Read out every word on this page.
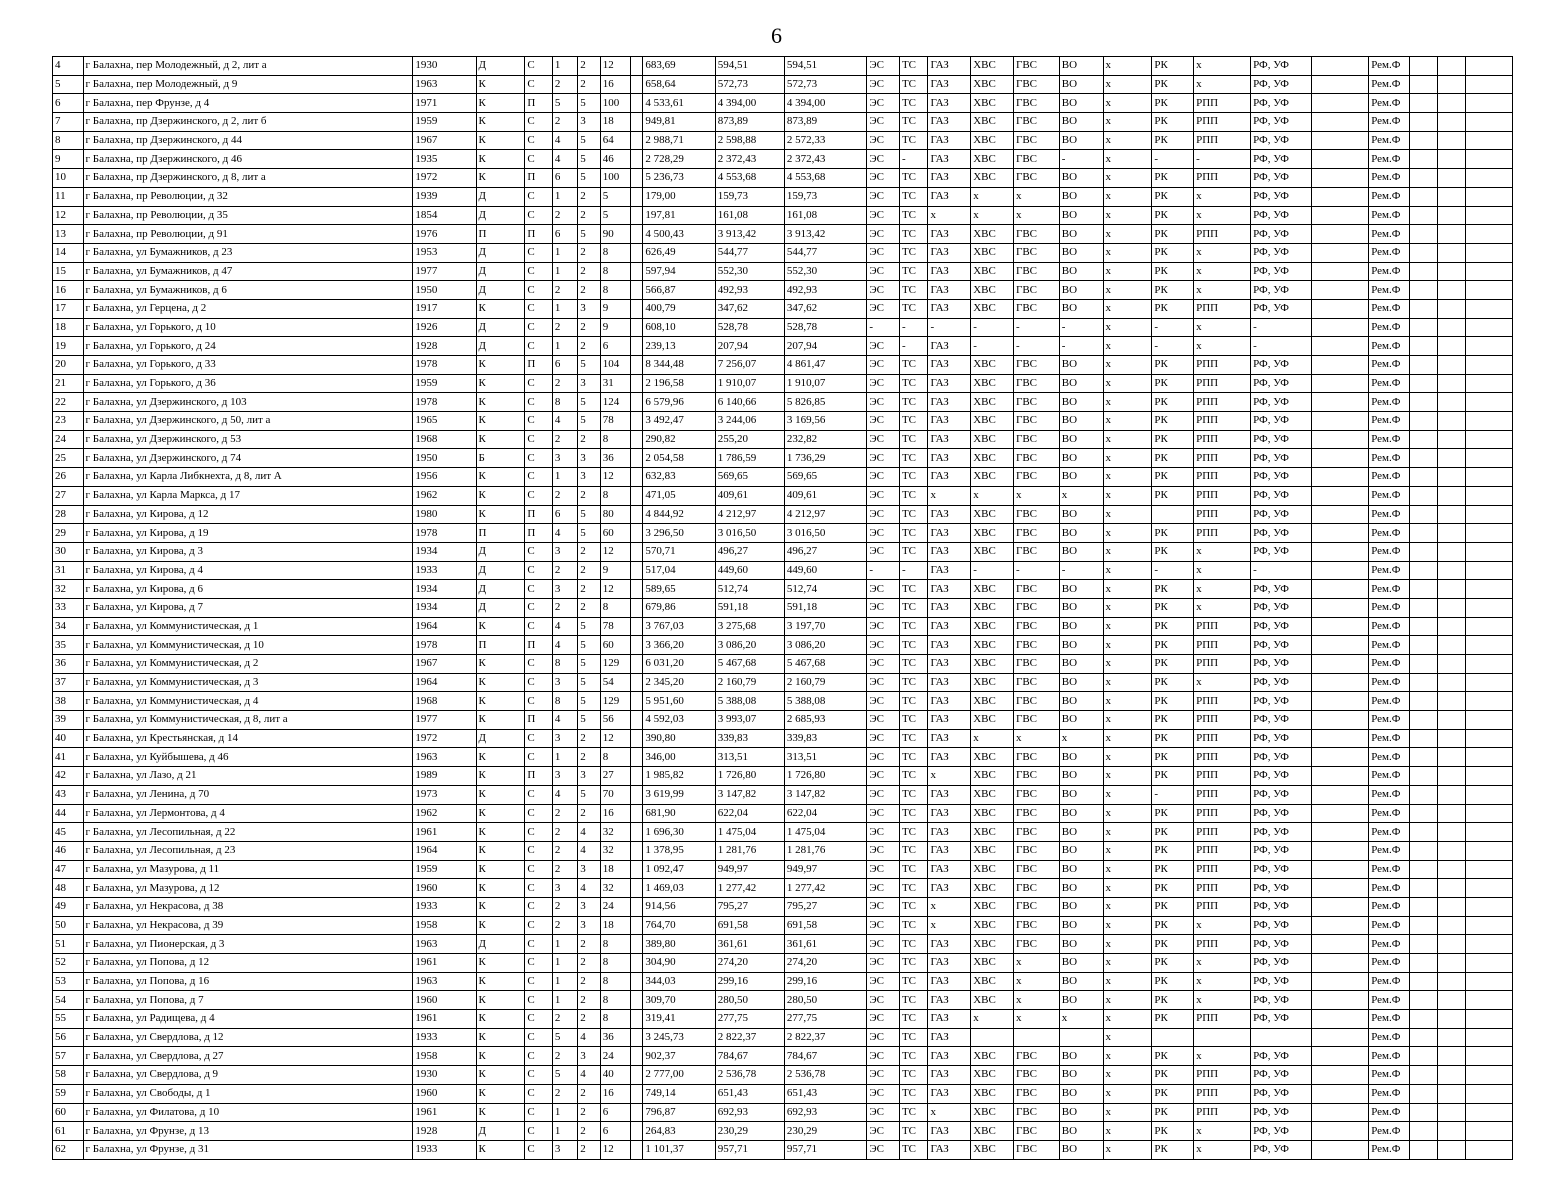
6
4	г Балахна, пер Молодежный, д 2, лит а	1930	Д	С	1	2	12		683,69	594,51	594,51	ЭС	ТС	ГАЗ	ХВС	ГВС	ВО	х	РК	х	РФ, УФ		Рем.Ф			
5	г Балахна, пер Молодежный, д 9	1963	К	С	2	2	16		658,64	572,73	572,73	ЭС	ТС	ГАЗ	ХВС	ГВС	ВО	х	РК	х	РФ, УФ		Рем.Ф			
6	г Балахна, пер Фрунзе, д 4	1971	К	П	5	5	100		4 533,61	4 394,00	4 394,00	ЭС	ТС	ГАЗ	ХВС	ГВС	ВО	х	РК	РПП	РФ, УФ		Рем.Ф			
7	г Балахна, пр Дзержинского, д 2, лит б	1959	К	С	2	3	18		949,81	873,89	873,89	ЭС	ТС	ГАЗ	ХВС	ГВС	ВО	х	РК	РПП	РФ, УФ		Рем.Ф			
8	г Балахна, пр Дзержинского, д 44	1967	К	С	4	5	64		2 988,71	2 598,88	2 572,33	ЭС	ТС	ГАЗ	ХВС	ГВС	ВО	х	РК	РПП	РФ, УФ		Рем.Ф			
9	г Балахна, пр Дзержинского, д 46	1935	К	С	4	5	46		2 728,29	2 372,43	2 372,43	ЭС	-	ГАЗ	ХВС	ГВС	-	х	-	-	РФ, УФ		Рем.Ф			
10	г Балахна, пр Дзержинского, д 8, лит а	1972	К	П	6	5	100		5 236,73	4 553,68	4 553,68	ЭС	ТС	ГАЗ	ХВС	ГВС	ВО	х	РК	РПП	РФ, УФ		Рем.Ф			
11	г Балахна, пр Революции, д 32	1939	Д	С	1	2	5		179,00	159,73	159,73	ЭС	ТС	ГАЗ	х	х	ВО	х	РК	х	РФ, УФ		Рем.Ф			
12	г Балахна, пр Революции, д 35	1854	Д	С	2	2	5		197,81	161,08	161,08	ЭС	ТС	х	х	х	ВО	х	РК	х	РФ, УФ		Рем.Ф			
13	г Балахна, пр Революции, д 91	1976	П	П	6	5	90		4 500,43	3 913,42	3 913,42	ЭС	ТС	ГАЗ	ХВС	ГВС	ВО	х	РК	РПП	РФ, УФ		Рем.Ф			
14	г Балахна, ул Бумажников, д 23	1953	Д	С	1	2	8		626,49	544,77	544,77	ЭС	ТС	ГАЗ	ХВС	ГВС	ВО	х	РК	х	РФ, УФ		Рем.Ф			
15	г Балахна, ул Бумажников, д 47	1977	Д	С	1	2	8		597,94	552,30	552,30	ЭС	ТС	ГАЗ	ХВС	ГВС	ВО	х	РК	х	РФ, УФ		Рем.Ф			
16	г Балахна, ул Бумажников, д 6	1950	Д	С	2	2	8		566,87	492,93	492,93	ЭС	ТС	ГАЗ	ХВС	ГВС	ВО	х	РК	х	РФ, УФ		Рем.Ф			
17	г Балахна, ул Герцена, д 2	1917	К	С	1	3	9		400,79	347,62	347,62	ЭС	ТС	ГАЗ	ХВС	ГВС	ВО	х	РК	РПП	РФ, УФ		Рем.Ф			
18	г Балахна, ул Горького, д 10	1926	Д	С	2	2	9		608,10	528,78	528,78	-	-	-	-	-	-	х	-	х	-		Рем.Ф			
19	г Балахна, ул Горького, д 24	1928	Д	С	1	2	6		239,13	207,94	207,94	ЭС	-	ГАЗ	-	-	-	х	-	х	-		Рем.Ф			
20	г Балахна, ул Горького, д 33	1978	К	П	6	5	104		8 344,48	7 256,07	4 861,47	ЭС	ТС	ГАЗ	ХВС	ГВС	ВО	х	РК	РПП	РФ, УФ		Рем.Ф			
21	г Балахна, ул Горького, д 36	1959	К	С	2	3	31		2 196,58	1 910,07	1 910,07	ЭС	ТС	ГАЗ	ХВС	ГВС	ВО	х	РК	РПП	РФ, УФ		Рем.Ф			
22	г Балахна, ул Дзержинского, д 103	1978	К	С	8	5	124		6 579,96	6 140,66	5 826,85	ЭС	ТС	ГАЗ	ХВС	ГВС	ВО	х	РК	РПП	РФ, УФ		Рем.Ф			
23	г Балахна, ул Дзержинского, д 50, лит а	1965	К	С	4	5	78		3 492,47	3 244,06	3 169,56	ЭС	ТС	ГАЗ	ХВС	ГВС	ВО	х	РК	РПП	РФ, УФ		Рем.Ф			
24	г Балахна, ул Дзержинского, д 53	1968	К	С	2	2	8		290,82	255,20	232,82	ЭС	ТС	ГАЗ	ХВС	ГВС	ВО	х	РК	РПП	РФ, УФ		Рем.Ф			
25	г Балахна, ул Дзержинского, д 74	1950	Б	С	3	3	36		2 054,58	1 786,59	1 736,29	ЭС	ТС	ГАЗ	ХВС	ГВС	ВО	х	РК	РПП	РФ, УФ		Рем.Ф			
26	г Балахна, ул Карла Либкнехта, д 8, лит А	1956	К	С	1	3	12		632,83	569,65	569,65	ЭС	ТС	ГАЗ	ХВС	ГВС	ВО	х	РК	РПП	РФ, УФ		Рем.Ф			
27	г Балахна, ул Карла Маркса, д 17	1962	К	С	2	2	8		471,05	409,61	409,61	ЭС	ТС	х	х	х	х	х	РК	РПП	РФ, УФ		Рем.Ф			
28	г Балахна, ул Кирова, д 12	1980	К	П	6	5	80		4 844,92	4 212,97	4 212,97	ЭС	ТС	ГАЗ	ХВС	ГВС	ВО	х		РПП	РФ, УФ		Рем.Ф			
29	г Балахна, ул Кирова, д 19	1978	П	П	4	5	60		3 296,50	3 016,50	3 016,50	ЭС	ТС	ГАЗ	ХВС	ГВС	ВО	х	РК	РПП	РФ, УФ		Рем.Ф			
30	г Балахна, ул Кирова, д 3	1934	Д	С	3	2	12		570,71	496,27	496,27	ЭС	ТС	ГАЗ	ХВС	ГВС	ВО	х	РК	х	РФ, УФ		Рем.Ф			
31	г Балахна, ул Кирова, д 4	1933	Д	С	2	2	9		517,04	449,60	449,60	-	-	ГАЗ	-	-	-	х	-	х	-		Рем.Ф			
32	г Балахна, ул Кирова, д 6	1934	Д	С	3	2	12		589,65	512,74	512,74	ЭС	ТС	ГАЗ	ХВС	ГВС	ВО	х	РК	х	РФ, УФ		Рем.Ф			
33	г Балахна, ул Кирова, д 7	1934	Д	С	2	2	8		679,86	591,18	591,18	ЭС	ТС	ГАЗ	ХВС	ГВС	ВО	х	РК	х	РФ, УФ		Рем.Ф			
34	г Балахна, ул Коммунистическая, д 1	1964	К	С	4	5	78		3 767,03	3 275,68	3 197,70	ЭС	ТС	ГАЗ	ХВС	ГВС	ВО	х	РК	РПП	РФ, УФ		Рем.Ф			
35	г Балахна, ул Коммунистическая, д 10	1978	П	П	4	5	60		3 366,20	3 086,20	3 086,20	ЭС	ТС	ГАЗ	ХВС	ГВС	ВО	х	РК	РПП	РФ, УФ		Рем.Ф			
36	г Балахна, ул Коммунистическая, д 2	1967	К	С	8	5	129		6 031,20	5 467,68	5 467,68	ЭС	ТС	ГАЗ	ХВС	ГВС	ВО	х	РК	РПП	РФ, УФ		Рем.Ф			
37	г Балахна, ул Коммунистическая, д 3	1964	К	С	3	5	54		2 345,20	2 160,79	2 160,79	ЭС	ТС	ГАЗ	ХВС	ГВС	ВО	х	РК	х	РФ, УФ		Рем.Ф			
38	г Балахна, ул Коммунистическая, д 4	1968	К	С	8	5	129		5 951,60	5 388,08	5 388,08	ЭС	ТС	ГАЗ	ХВС	ГВС	ВО	х	РК	РПП	РФ, УФ		Рем.Ф			
39	г Балахна, ул Коммунистическая, д 8, лит а	1977	К	П	4	5	56		4 592,03	3 993,07	2 685,93	ЭС	ТС	ГАЗ	ХВС	ГВС	ВО	х	РК	РПП	РФ, УФ		Рем.Ф			
40	г Балахна, ул Крестьянская, д 14	1972	Д	С	3	2	12		390,80	339,83	339,83	ЭС	ТС	ГАЗ	х	х	х	х	РК	РПП	РФ, УФ		Рем.Ф			
41	г Балахна, ул Куйбышева, д 46	1963	К	С	1	2	8		346,00	313,51	313,51	ЭС	ТС	ГАЗ	ХВС	ГВС	ВО	х	РК	РПП	РФ, УФ		Рем.Ф			
42	г Балахна, ул Лазо, д 21	1989	К	П	3	3	27		1 985,82	1 726,80	1 726,80	ЭС	ТС	х	ХВС	ГВС	ВО	х	РК	РПП	РФ, УФ		Рем.Ф			
43	г Балахна, ул Ленина, д 70	1973	К	С	4	5	70		3 619,99	3 147,82	3 147,82	ЭС	ТС	ГАЗ	ХВС	ГВС	ВО	х	-	РПП	РФ, УФ		Рем.Ф			
44	г Балахна, ул Лермонтова, д 4	1962	К	С	2	2	16		681,90	622,04	622,04	ЭС	ТС	ГАЗ	ХВС	ГВС	ВО	х	РК	РПП	РФ, УФ		Рем.Ф			
45	г Балахна, ул Лесопильная, д 22	1961	К	С	2	4	32		1 696,30	1 475,04	1 475,04	ЭС	ТС	ГАЗ	ХВС	ГВС	ВО	х	РК	РПП	РФ, УФ		Рем.Ф			
46	г Балахна, ул Лесопильная, д 23	1964	К	С	2	4	32		1 378,95	1 281,76	1 281,76	ЭС	ТС	ГАЗ	ХВС	ГВС	ВО	х	РК	РПП	РФ, УФ		Рем.Ф			
47	г Балахна, ул Мазурова, д 11	1959	К	С	2	3	18		1 092,47	949,97	949,97	ЭС	ТС	ГАЗ	ХВС	ГВС	ВО	х	РК	РПП	РФ, УФ		Рем.Ф			
48	г Балахна, ул Мазурова, д 12	1960	К	С	3	4	32		1 469,03	1 277,42	1 277,42	ЭС	ТС	ГАЗ	ХВС	ГВС	ВО	х	РК	РПП	РФ, УФ		Рем.Ф			
49	г Балахна, ул Некрасова, д 38	1933	К	С	2	3	24		914,56	795,27	795,27	ЭС	ТС	х	ХВС	ГВС	ВО	х	РК	РПП	РФ, УФ		Рем.Ф			
50	г Балахна, ул Некрасова, д 39	1958	К	С	2	3	18		764,70	691,58	691,58	ЭС	ТС	х	ХВС	ГВС	ВО	х	РК	х	РФ, УФ		Рем.Ф			
51	г Балахна, ул Пионерская, д 3	1963	Д	С	1	2	8		389,80	361,61	361,61	ЭС	ТС	ГАЗ	ХВС	ГВС	ВО	х	РК	РПП	РФ, УФ		Рем.Ф			
52	г Балахна, ул Попова, д 12	1961	К	С	1	2	8		304,90	274,20	274,20	ЭС	ТС	ГАЗ	ХВС	х	ВО	х	РК	х	РФ, УФ		Рем.Ф			
53	г Балахна, ул Попова, д 16	1963	К	С	1	2	8		344,03	299,16	299,16	ЭС	ТС	ГАЗ	ХВС	х	ВО	х	РК	х	РФ, УФ		Рем.Ф			
54	г Балахна, ул Попова, д 7	1960	К	С	1	2	8		309,70	280,50	280,50	ЭС	ТС	ГАЗ	ХВС	х	ВО	х	РК	х	РФ, УФ		Рем.Ф			
55	г Балахна, ул Радищева, д 4	1961	К	С	2	2	8		319,41	277,75	277,75	ЭС	ТС	ГАЗ	х	х	х	х	РК	РПП	РФ, УФ		Рем.Ф			
56	г Балахна, ул Свердлова, д 12	1933	К	С	5	4	36		3 245,73	2 822,37	2 822,37	ЭС	ТС	ГАЗ				х					Рем.Ф			
57	г Балахна, ул Свердлова, д 27	1958	К	С	2	3	24		902,37	784,67	784,67	ЭС	ТС	ГАЗ	ХВС	ГВС	ВО	х	РК	х	РФ, УФ		Рем.Ф			
58	г Балахна, ул Свердлова, д 9	1930	К	С	5	4	40		2 777,00	2 536,78	2 536,78	ЭС	ТС	ГАЗ	ХВС	ГВС	ВО	х	РК	РПП	РФ, УФ		Рем.Ф			
59	г Балахна, ул Свободы, д 1	1960	К	С	2	2	16		749,14	651,43	651,43	ЭС	ТС	ГАЗ	ХВС	ГВС	ВО	х	РК	РПП	РФ, УФ		Рем.Ф			
60	г Балахна, ул Филатова, д 10	1961	К	С	1	2	6		796,87	692,93	692,93	ЭС	ТС	х	ХВС	ГВС	ВО	х	РК	РПП	РФ, УФ		Рем.Ф			
61	г Балахна, ул Фрунзе, д 13	1928	Д	С	1	2	6		264,83	230,29	230,29	ЭС	ТС	ГАЗ	ХВС	ГВС	ВО	х	РК	х	РФ, УФ		Рем.Ф			
62	г Балахна, ул Фрунзе, д 31	1933	К	С	3	2	12		1 101,37	957,71	957,71	ЭС	ТС	ГАЗ	ХВС	ГВС	ВО	х	РК	х	РФ, УФ		Рем.Ф			
